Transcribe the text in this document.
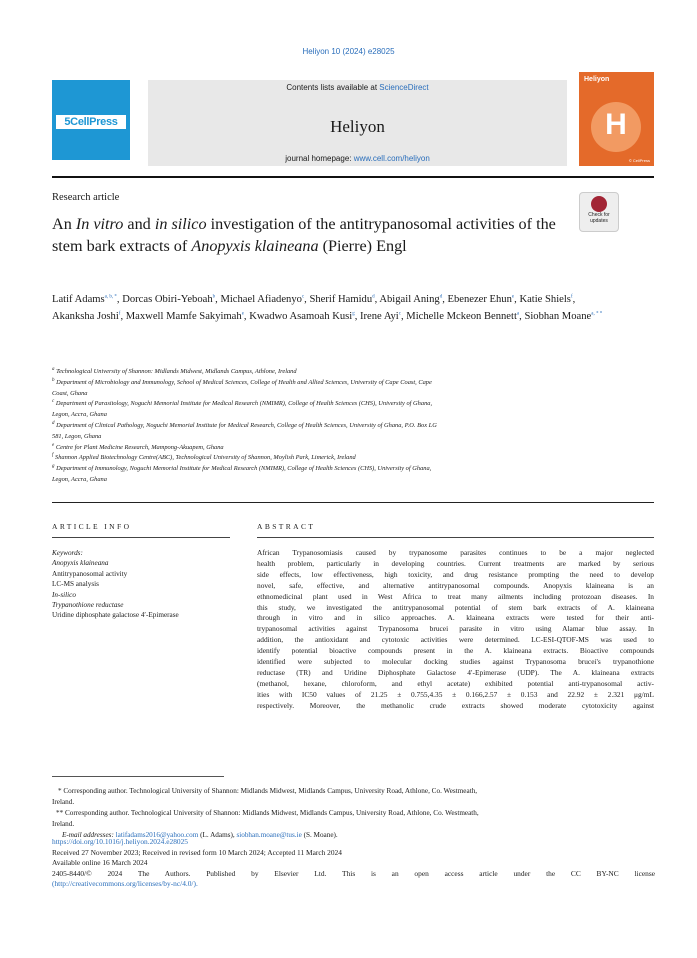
Heliyon 10 (2024) e28025
5CellPress
Contents lists available at ScienceDirect
Heliyon
journal homepage: www.cell.com/heliyon
Heliyon
H
© CellPress
Research article
An In vitro and in silico investigation of the antitrypanosomal activities of the stem bark extracts of Anopyxis klaineana (Pierre) Engl
Check for
updates
Latif Adams$^{a, b, *}$, Dorcas Obiri-Yeboah$^b$, Michael Afiadenyo$^c$, Sherif Hamidu$^d$, Abigail Aning$^d$, Ebenezer Ehun$^e$, Katie Shiels$^f$, Akanksha Joshi$^f$, Maxwell Mamfe Sakyimah$^e$, Kwadwo Asamoah Kusi$^g$, Irene Ayi$^c$, Michelle Mckeon Bennett$^a$, Siobhan Moane$^{a, * *}$
$^a$ Technological University of Shannon: Midlands Midwest, Midlands Campus, Athlone, Ireland
$^b$ Department of Microbiology and Immunology, School of Medical Sciences, College of Health and Allied Sciences, University of Cape Coast, Cape
Coast, Ghana
$^c$ Department of Parasitology, Noguchi Memorial Institute for Medical Research (NMIMR), College of Health Sciences (CHS), University of Ghana,
Legon, Accra, Ghana
$^d$ Department of Clinical Pathology, Noguchi Memorial Institute for Medical Research, College of Health Sciences, University of Ghana, P.O. Box LG
581, Legon, Ghana
$^e$ Centre for Plant Medicine Research, Mampong-Akuapem, Ghana
$^f$ Shannon Applied Biotechnology Centre(ABC), Technological University of Shannon, Moylish Park, Limerick, Ireland
$^g$ Department of Immunology, Noguchi Memorial Institute for Medical Research (NMIMR), College of Health Sciences (CHS), University of Ghana,
Legon, Accra, Ghana
ARTICLE INFO	ABSTRACT
Keywords:
Anopyxis klaineana
Antitrypanosomal activity
LC-MS analysis
In-silico
Trypanothione reductase
Uridine diphosphate galactose 4′-Epimerase
African Trypanosomiasis caused by trypanosome parasites continues to be a major neglected
health problem, particularly in developing countries. Current treatments are marked by serious
side effects, low effectiveness, high toxicity, and drug resistance prompting the need to develop
novel, safe, effective, and alternative antitrypanosomal compounds. Anopyxis klaineana is an
ethnomedicinal plant used in West Africa to treat many ailments including protozoan diseases. In
this study, we investigated the antitrypanosomal potential of stem bark extracts of A. klaineana
through in vitro and in silico approaches. A. klaineana extracts were tested for their anti-
trypanosomal activities against Trypanosoma brucei parasite in vitro using Alamar blue assay. In
addition, the antioxidant and cytotoxic activities were determined. LC-ESI-QTOF-MS was used to
identify potential bioactive compounds present in the A. klaineana extracts. Bioactive compounds
identified were subjected to molecular docking studies against Trypanosoma brucei's trypanothione
reductase (TR) and Uridine Diphosphate Galactose 4′-Epimerase (UDP). The A. klaineana extracts
(methanol, hexane, chloroform, and ethyl acetate) exhibited potential anti-trypanosomal activ-
ities with IC50 values of 21.25 ± 0.755,4.35 ± 0.166,2.57 ± 0.153 and 22.92 ± 2.321 μg/mL
respectively. Moreover, the methanolic crude extracts showed moderate cytotoxicity against
* Corresponding author. Technological University of Shannon: Midlands Midwest, Midlands Campus, University Road, Athlone, Co. Westmeath,
Ireland.
** Corresponding author. Technological University of Shannon: Midlands Midwest, Midlands Campus, University Road, Athlone, Co. Westmeath,
Ireland.
E-mail addresses: latifadams2016@yahoo.com (L. Adams), siobhan.moane@tus.ie (S. Moane).
https://doi.org/10.1016/j.heliyon.2024.e28025
Received 27 November 2023; Received in revised form 10 March 2024; Accepted 11 March 2024
Available online 16 March 2024
2405-8440/© 2024 The Authors. Published by Elsevier Ltd. This is an open access article under the CC BY-NC license
(http://creativecommons.org/licenses/by-nc/4.0/).
